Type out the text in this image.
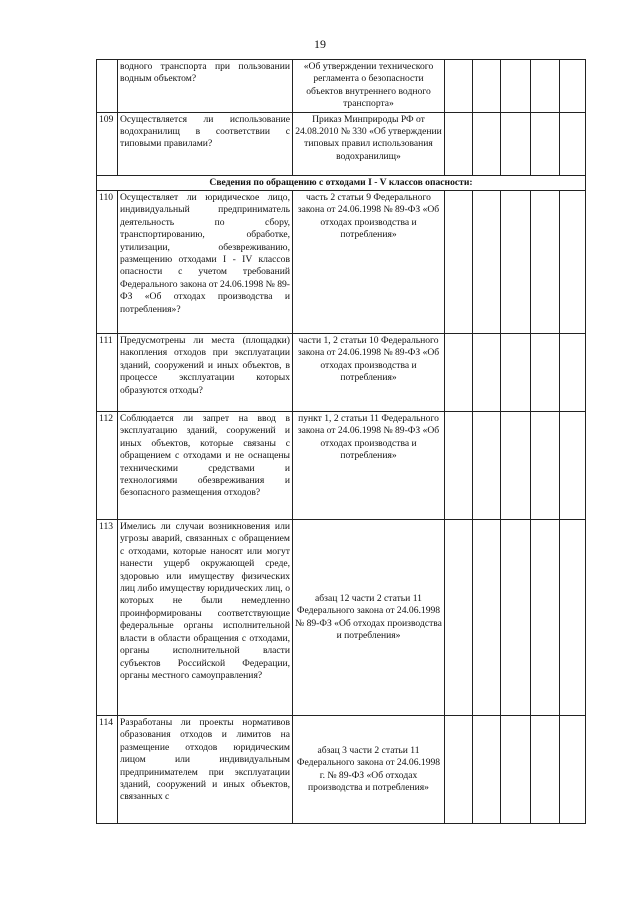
19
	водного транспорта при пользовании водным объектом?	«Об утверждении технического регламента о безопасности объектов внутреннего водного транспорта»					
109	Осуществляется ли использование водохранилищ в соответствии с типовыми правилами?	Приказ Минприроды РФ от 24.08.2010 № 330 «Об утверждении типовых правил использования водохранилищ»					
Сведения по обращению с отходами I - V классов опасности:							
110	Осуществляет ли юридическое лицо, индивидуальный предприниматель деятельность по сбору, транспортированию, обработке, утилизации, обезвреживанию, размещению отходами I - IV классов опасности с учетом требований Федерального закона от 24.06.1998 № 89-ФЗ «Об отходах производства и потребления»?	часть 2 статьи 9 Федерального закона от 24.06.1998 № 89-ФЗ «Об отходах производства и потребления»					
111	Предусмотрены ли места (площадки) накопления отходов при эксплуатации зданий, сооружений и иных объектов, в процессе эксплуатации которых образуются отходы?	части 1, 2 статьи 10 Федерального закона от 24.06.1998 № 89-ФЗ «Об отходах производства и потребления»					
112	Соблюдается ли запрет на ввод в эксплуатацию зданий, сооружений и иных объектов, которые связаны с обращением с отходами и не оснащены техническими средствами и технологиями обезвреживания и безопасного размещения отходов?	пункт 1, 2 статьи 11 Федерального закона от 24.06.1998 № 89-ФЗ «Об отходах производства и потребления»					
113	Имелись ли случаи возникновения или угрозы аварий, связанных с обращением с отходами, которые наносят или могут нанести ущерб окружающей среде, здоровью или имуществу физических лиц либо имуществу юридических лиц, о которых не были немедленно проинформированы соответствующие федеральные органы исполнительной власти в области обращения с отходами, органы исполнительной власти субъектов Российской Федерации, органы местного самоуправления?	абзац 12 части 2 статьи 11 Федерального закона от 24.06.1998 № 89-ФЗ «Об отходах производства и потребления»					
114	Разработаны ли проекты нормативов образования отходов и лимитов на размещение отходов юридическим лицом или индивидуальным предпринимателем при эксплуатации зданий, сооружений и иных объектов, связанных с	абзац 3 части 2 статьи 11 Федерального закона от 24.06.1998 г. № 89-ФЗ «Об отходах производства и потребления»					
